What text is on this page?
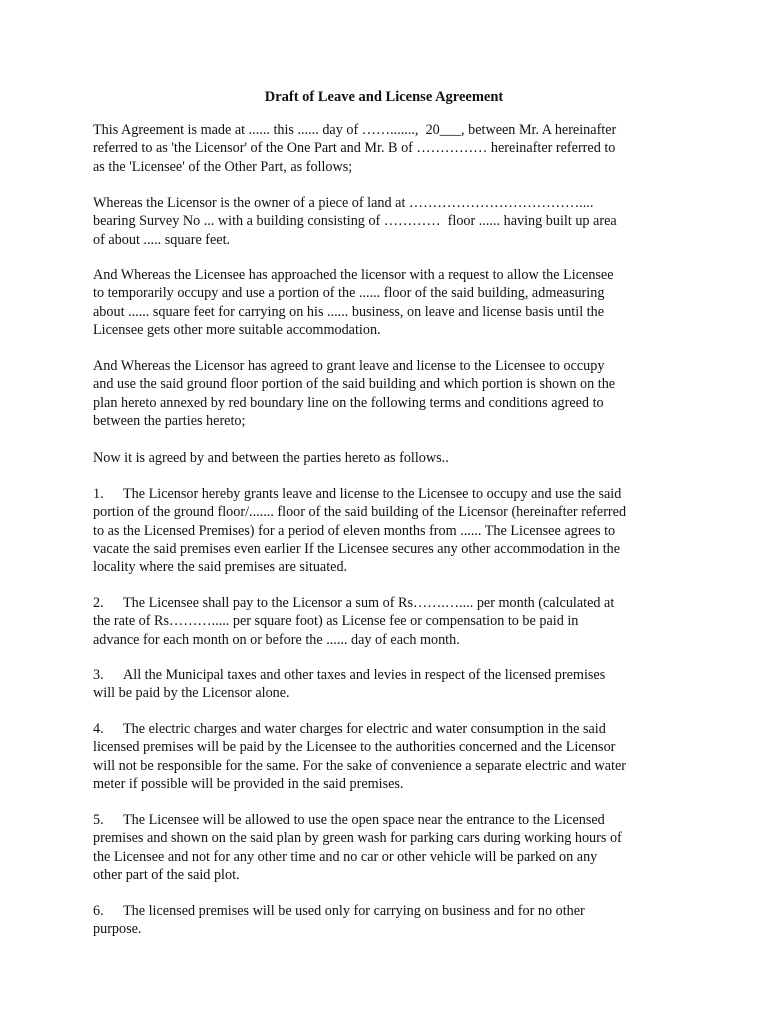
Draft of Leave and License Agreement
This Agreement is made at ...... this ...... day of …….......,  20___, between Mr. A hereinafter
referred to as 'the Licensor' of the One Part and Mr. B of …………… hereinafter referred to
as the 'Licensee' of the Other Part, as follows;
Whereas the Licensor is the owner of a piece of land at ………………………………....
bearing Survey No ... with a building consisting of …………  floor ...... having built up area
of about ..... square feet.
And Whereas the Licensee has approached the licensor with a request to allow the Licensee
to temporarily occupy and use a portion of the ...... floor of the said building, admeasuring
about ...... square feet for carrying on his ...... business, on leave and license basis until the
Licensee gets other more suitable accommodation.
And Whereas the Licensor has agreed to grant leave and license to the Licensee to occupy
and use the said ground floor portion of the said building and which portion is shown on the
plan hereto annexed by red boundary line on the following terms and conditions agreed to
between the parties hereto;
Now it is agreed by and between the parties hereto as follows..
1. The Licensor hereby grants leave and license to the Licensee to occupy and use the said
portion of the ground floor/....... floor of the said building of the Licensor (hereinafter referred
to as the Licensed Premises) for a period of eleven months from ...... The Licensee agrees to
vacate the said premises even earlier If the Licensee secures any other accommodation in the
locality where the said premises are situated.
2. The Licensee shall pay to the Licensor a sum of Rs…….….... per month (calculated at
the rate of Rs………..... per square foot) as License fee or compensation to be paid in
advance for each month on or before the ...... day of each month.
3. All the Municipal taxes and other taxes and levies in respect of the licensed premises
will be paid by the Licensor alone.
4. The electric charges and water charges for electric and water consumption in the said
licensed premises will be paid by the Licensee to the authorities concerned and the Licensor
will not be responsible for the same. For the sake of convenience a separate electric and water
meter if possible will be provided in the said premises.
5. The Licensee will be allowed to use the open space near the entrance to the Licensed
premises and shown on the said plan by green wash for parking cars during working hours of
the Licensee and not for any other time and no car or other vehicle will be parked on any
other part of the said plot.
6. The licensed premises will be used only for carrying on business and for no other
purpose.
